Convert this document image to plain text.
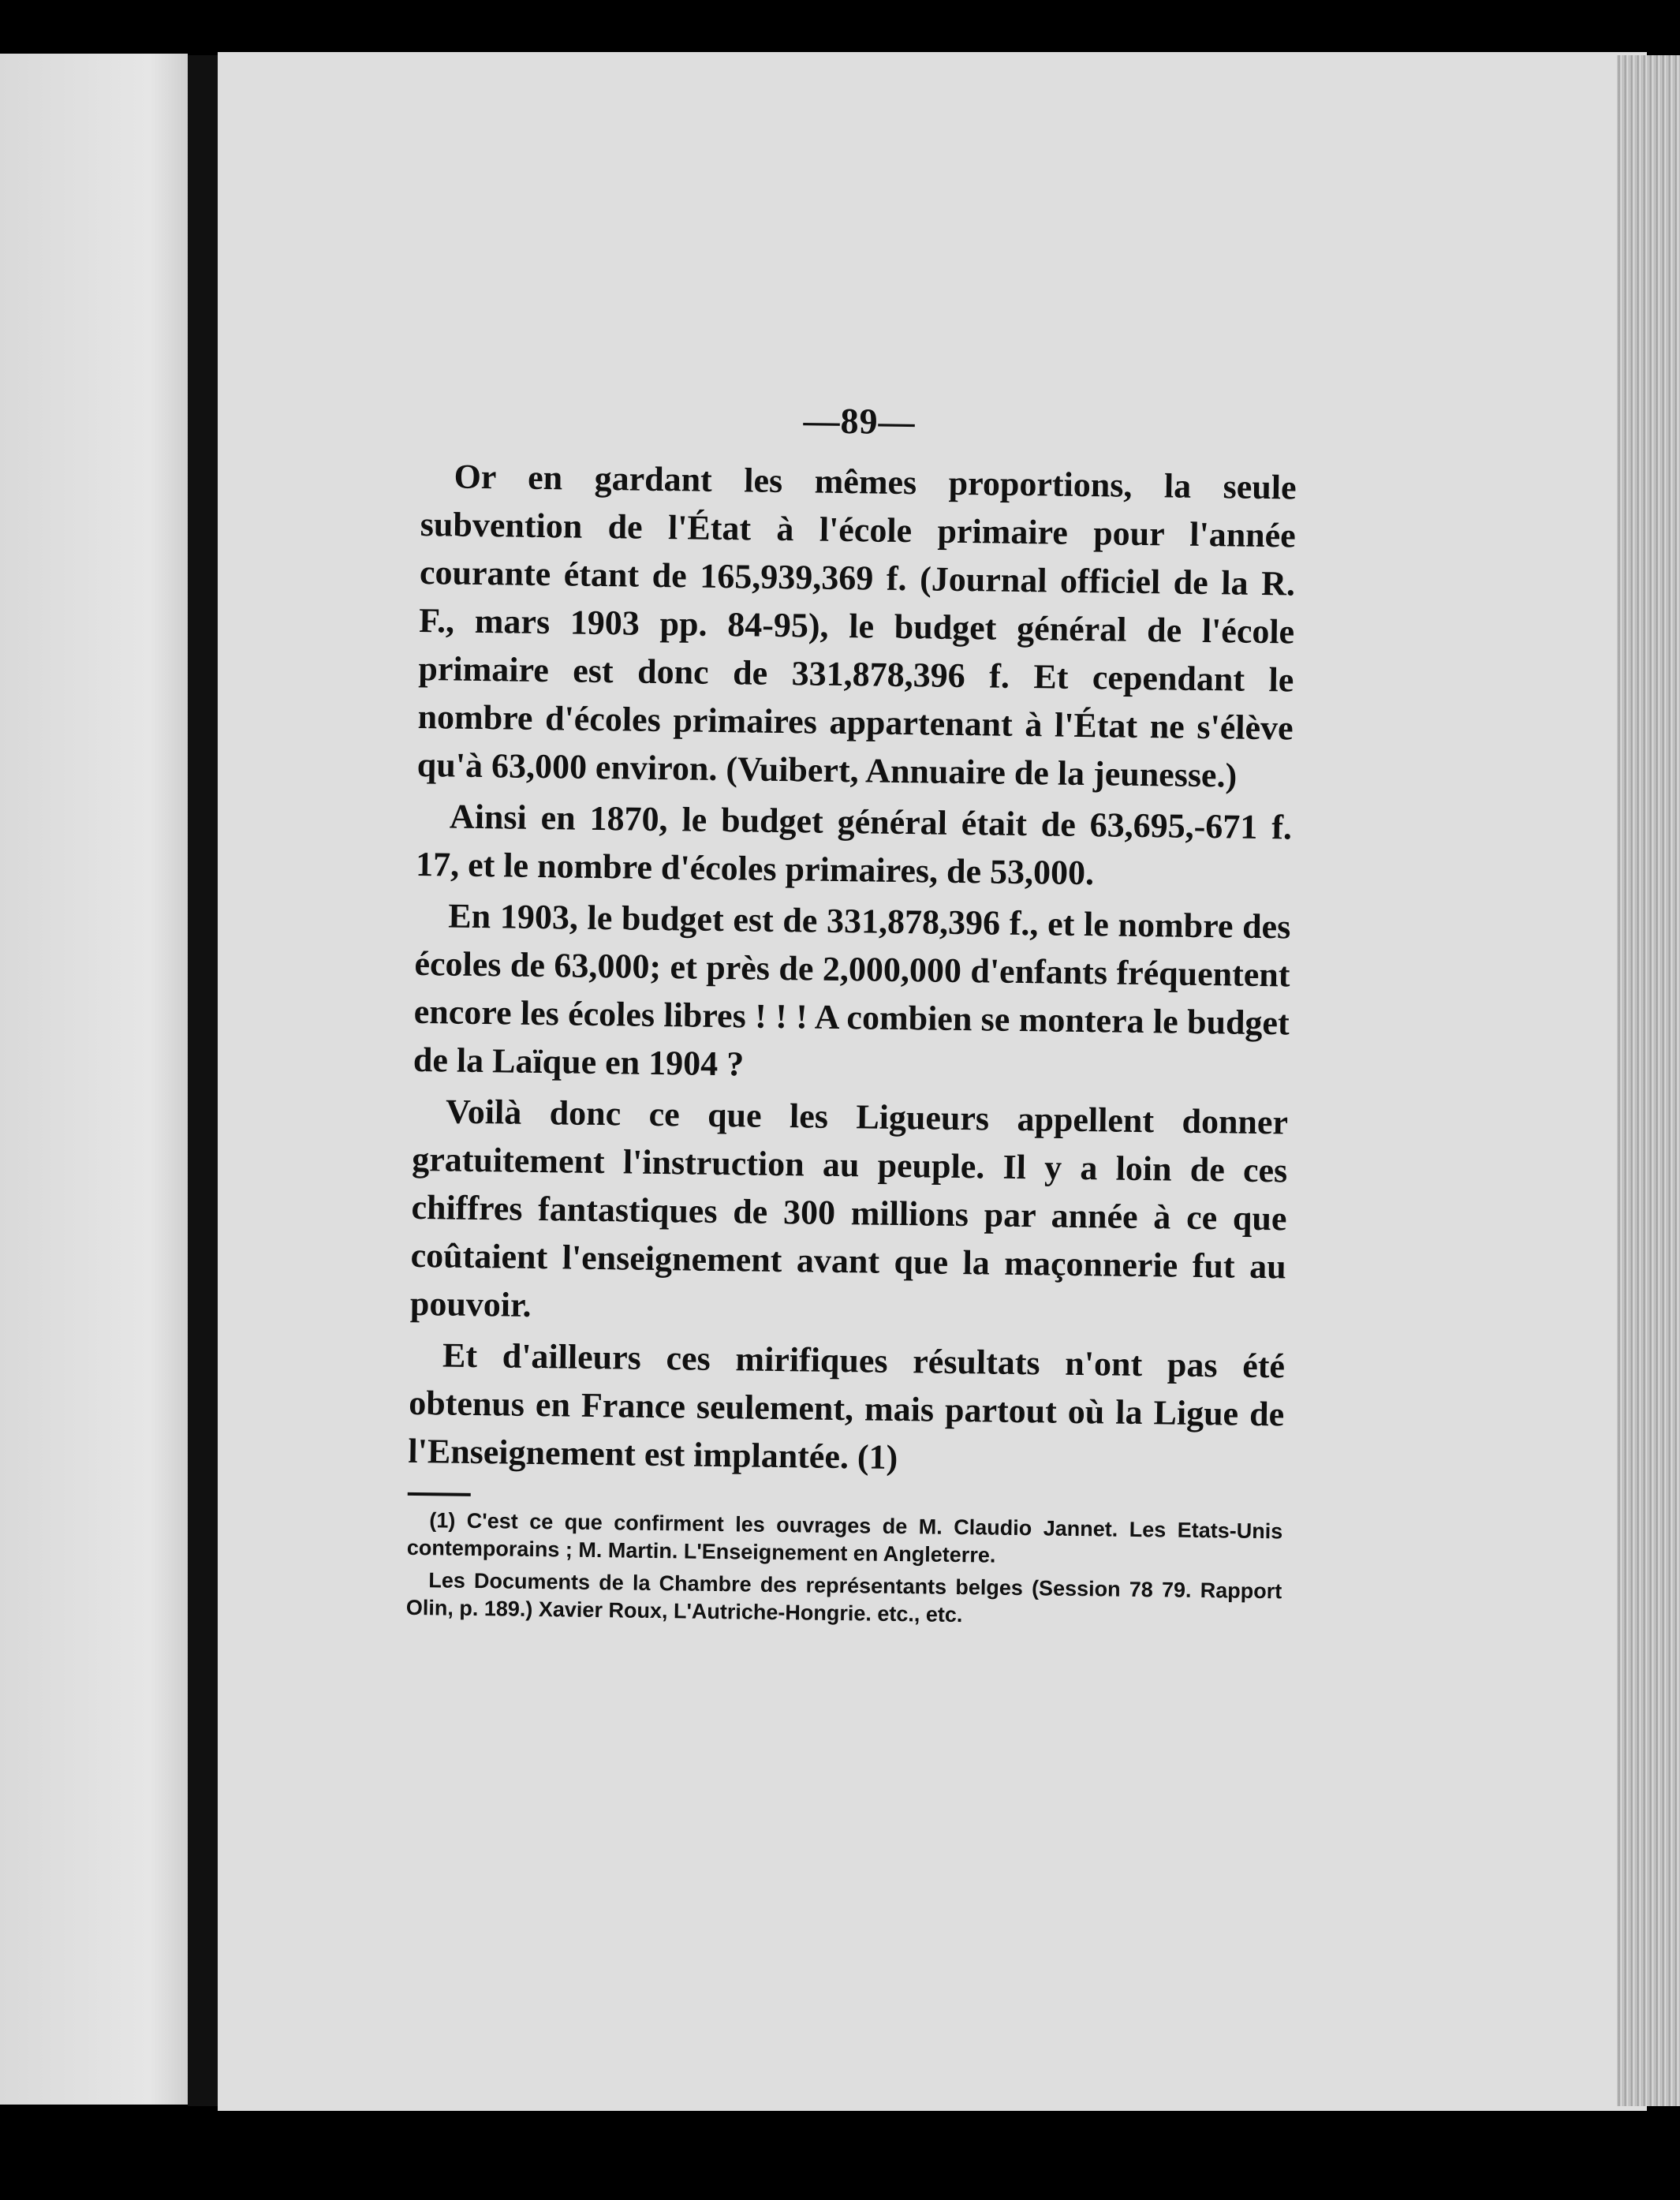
—89—

Or en gardant les mêmes proportions, la seule subvention de l'État à l'école primaire pour l'année courante étant de 165,939,369 f. (Journal officiel de la R. F., mars 1903 pp. 84-95), le budget général de l'école primaire est donc de 331,878,396 f. Et cependant le nombre d'écoles primaires appartenant à l'État ne s'élève qu'à 63,000 environ. (Vuibert, Annuaire de la jeunesse.)

Ainsi en 1870, le budget général était de 63,695,-671 f. 17, et le nombre d'écoles primaires, de 53,000.

En 1903, le budget est de 331,878,396 f., et le nombre des écoles de 63,000; et près de 2,000,000 d'enfants fréquentent encore les écoles libres ! ! ! A combien se montera le budget de la Laïque en 1904 ?

Voilà donc ce que les Ligueurs appellent donner gratuitement l'instruction au peuple. Il y a loin de ces chiffres fantastiques de 300 millions par année à ce que coûtaient l'enseignement avant que la maçonnerie fut au pouvoir.

Et d'ailleurs ces mirifiques résultats n'ont pas été obtenus en France seulement, mais partout où la Ligue de l'Enseignement est implantée. (1)

(1) C'est ce que confirment les ouvrages de M. Claudio Jannet. Les Etats-Unis contemporains ; M. Martin. L'Enseignement en Angleterre.

Les Documents de la Chambre des représentants belges (Session 78 79. Rapport Olin, p. 189.) Xavier Roux, L'Autriche-Hongrie. etc., etc.
